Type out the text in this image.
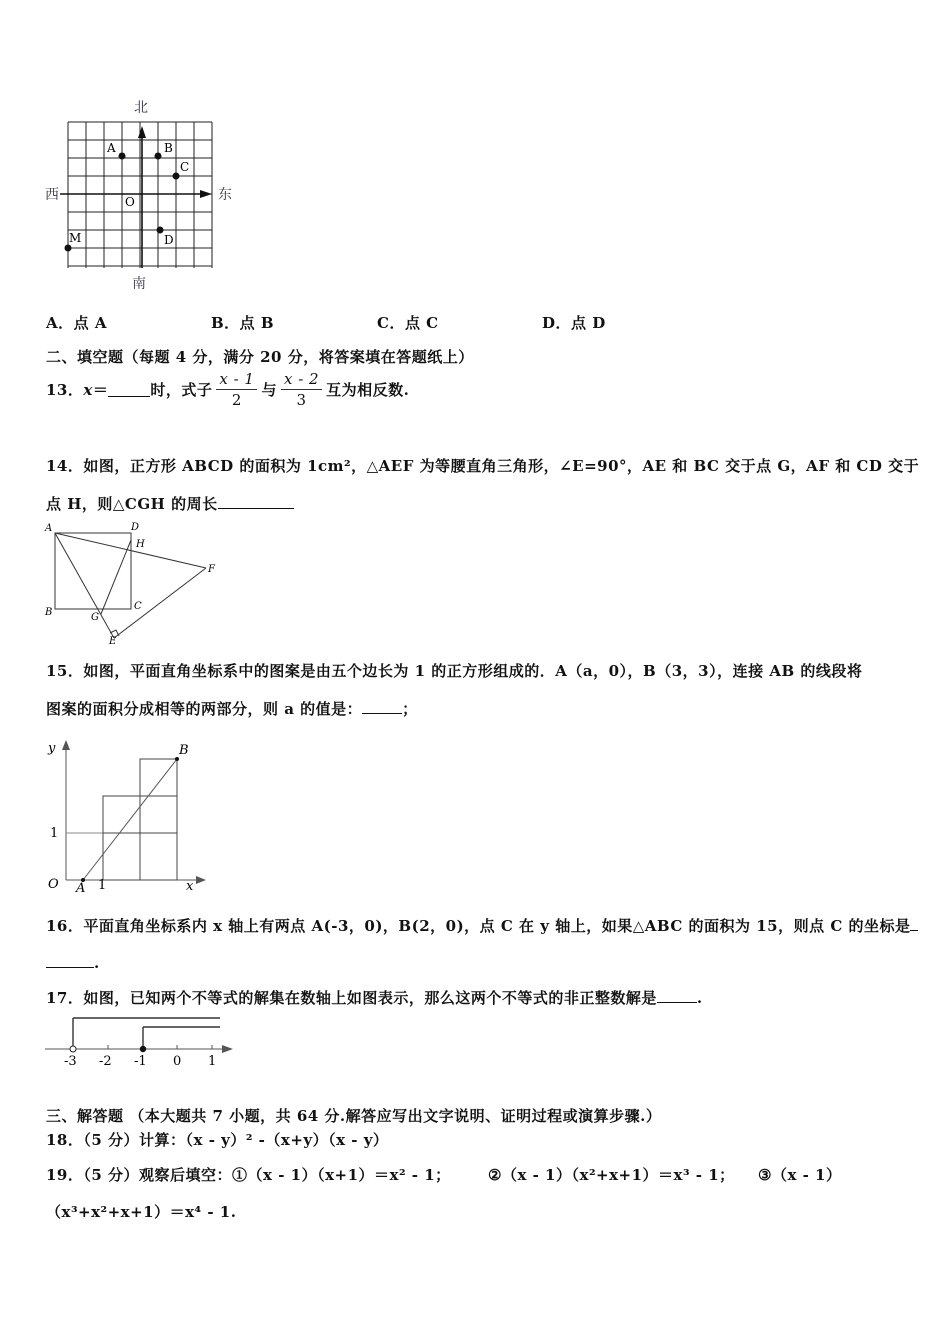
北
南
西	东
O
A	B
C
D
M
A．点 A	B．点 B	C．点 C	D．点 D
二、填空题（每题 4 分，满分 20 分，将答案填在答题纸上）
13． x ＝	时，式子 $\frac{x - 1}{2}$ 与 $\frac{x - 2}{3}$ 互为相反数.
14．如图，正方形 ABCD 的面积为 1cm²，△AEF 为等腰直角三角形，∠E=90°，AE 和 BC 交于点 G，AF 和 CD 交于
点 H，则△CGH 的周长
A	D
H
F
B	G
C
E
15．如图，平面直角坐标系中的图案是由五个边长为 1 的正方形组成的．A（a，0），B（3，3），连接 AB 的线段将
图案的面积分成相等的两部分，则 a 的值是：	；
y	B
1
O A 1	x
16．平面直角坐标系内 x 轴上有两点 A(-3，0)，B(2，0)，点 C 在 y 轴上，如果△ABC 的面积为 15，则点 C 的坐标是
.
17．如图，已知两个不等式的解集在数轴上如图表示，那么这两个不等式的非正整数解是	.
-3 -2 -1 0 1
三、解答题 （本大题共 7 小题，共 64 分.解答应写出文字说明、证明过程或演算步骤.）
18．（5 分）计算：（x - y）² -（x+y）（x - y）
19．（5 分）观察后填空：①（x - 1）（x+1）＝x² - 1； ②（x - 1）（x²+x+1）＝x³ - 1； ③（x - 1）
（x³+x²+x+1）＝x⁴ - 1.
